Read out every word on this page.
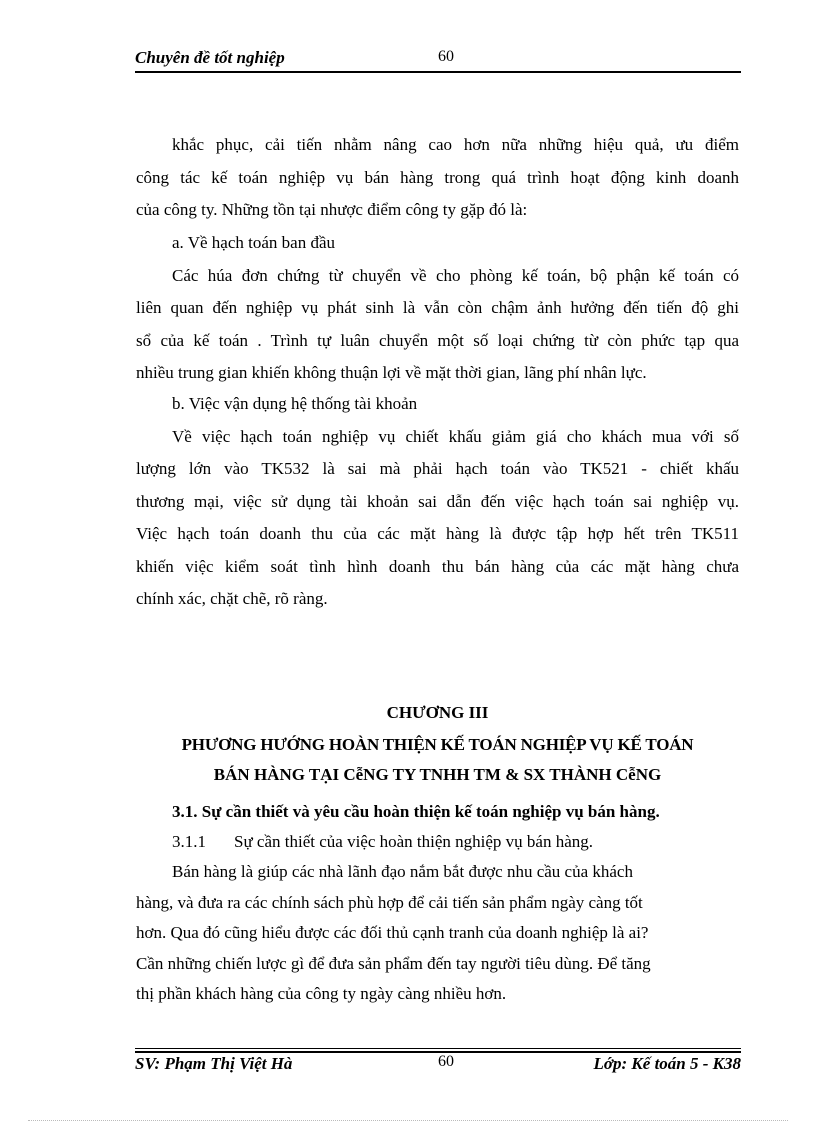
Chuyên đề tốt nghiệp	60
khắc phục, cải tiến nhằm nâng cao hơn nữa những hiệu quả, ưu điểm
công tác kế toán nghiệp vụ bán hàng trong quá trình hoạt động kinh doanh
của công ty. Những tồn tại nhược điểm công ty gặp đó là:
a. Về hạch toán ban đầu
Các húa đơn chứng từ chuyển về cho phòng kế toán, bộ phận kế toán có
liên quan đến nghiệp vụ phát sinh là vẫn còn chậm ảnh hưởng đến tiến độ ghi
sổ của kế toán . Trình tự luân chuyển một số loại chứng từ còn phức tạp qua
nhiều trung gian khiến không thuận lợi về mặt thời gian, lãng phí nhân lực.
b. Việc vận dụng hệ thống tài khoản
Về việc hạch toán nghiệp vụ chiết khấu giảm giá cho khách mua với số
lượng lớn vào TK532 là sai mà phải hạch toán vào TK521 - chiết khấu
thương mại, việc sử dụng tài khoản sai dẫn đến việc hạch toán sai nghiệp vụ.
Việc hạch toán doanh thu của các mặt hàng là được tập hợp hết trên TK511
khiến việc kiểm soát tình hình doanh thu bán hàng của các mặt hàng chưa
chính xác, chặt chẽ, rõ ràng.
CHƯƠNG III
PHƯƠNG HƯỚNG HOÀN THIỆN KẾ TOÁN NGHIỆP VỤ KẾ TOÁN
BÁN HÀNG TẠI CễNG TY TNHH TM & SX THÀNH CễNG
3.1. Sự cần thiết và yêu cầu hoàn thiện kế toán nghiệp vụ bán hàng.
3.1.1 Sự cần thiết của việc hoàn thiện nghiệp vụ bán hàng.
Bán hàng là giúp các nhà lãnh đạo nắm bắt được nhu cầu của khách
hàng, và đưa ra các chính sách phù hợp để cải tiến sản phẩm ngày càng tốt
hơn. Qua đó cũng hiểu được các đối thủ cạnh tranh của doanh nghiệp là ai?
Cần những chiến lược gì để đưa sản phẩm đến tay người tiêu dùng. Để tăng
thị phần khách hàng của công ty ngày càng nhiều hơn.
SV: Phạm Thị Việt Hà	60	Lớp: Kế toán 5 - K38
